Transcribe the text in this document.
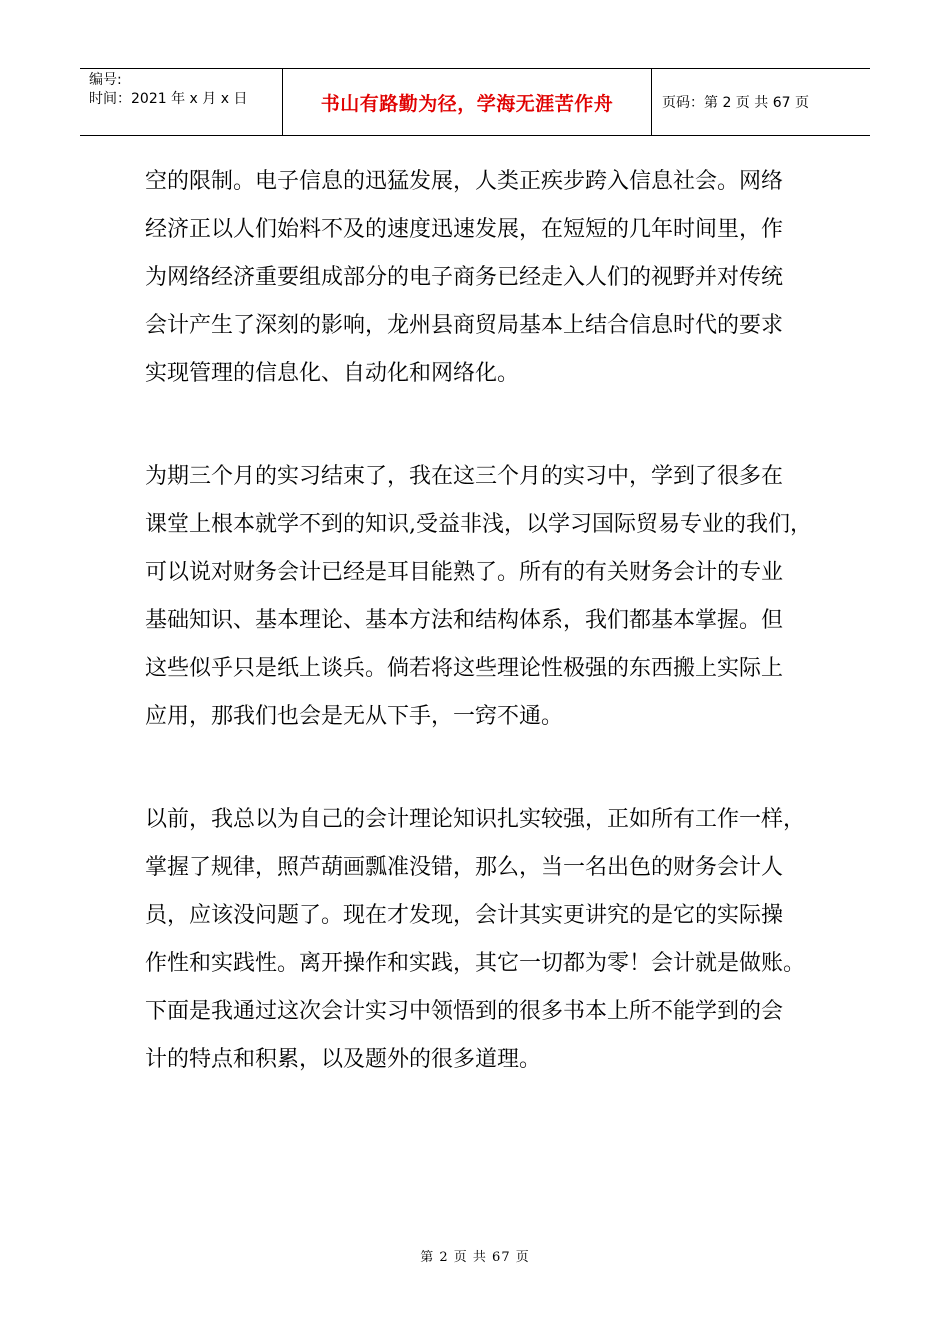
编号:
时间：2021 年 x 月 x 日	书山有路勤为径，学海无涯苦作舟	页码：第 2 页 共 67 页
空的限制。电子信息的迅猛发展，人类正疾步跨入信息社会。网络
经济正以人们始料不及的速度迅速发展，在短短的几年时间里，作
为网络经济重要组成部分的电子商务已经走入人们的视野并对传统
会计产生了深刻的影响，龙州县商贸局基本上结合信息时代的要求
实现管理的信息化、自动化和网络化。
为期三个月的实习结束了，我在这三个月的实习中，学到了很多在
课堂上根本就学不到的知识,受益非浅，以学习国际贸易专业的我们，
可以说对财务会计已经是耳目能熟了。所有的有关财务会计的专业
基础知识、基本理论、基本方法和结构体系，我们都基本掌握。但
这些似乎只是纸上谈兵。倘若将这些理论性极强的东西搬上实际上
应用，那我们也会是无从下手，一窍不通。
以前，我总以为自己的会计理论知识扎实较强，正如所有工作一样，
掌握了规律，照芦葫画瓢准没错，那么，当一名出色的财务会计人
员，应该没问题了。现在才发现，会计其实更讲究的是它的实际操
作性和实践性。离开操作和实践，其它一切都为零！会计就是做账。
下面是我通过这次会计实习中领悟到的很多书本上所不能学到的会
计的特点和积累，以及题外的很多道理。
第 2 页 共 67 页
